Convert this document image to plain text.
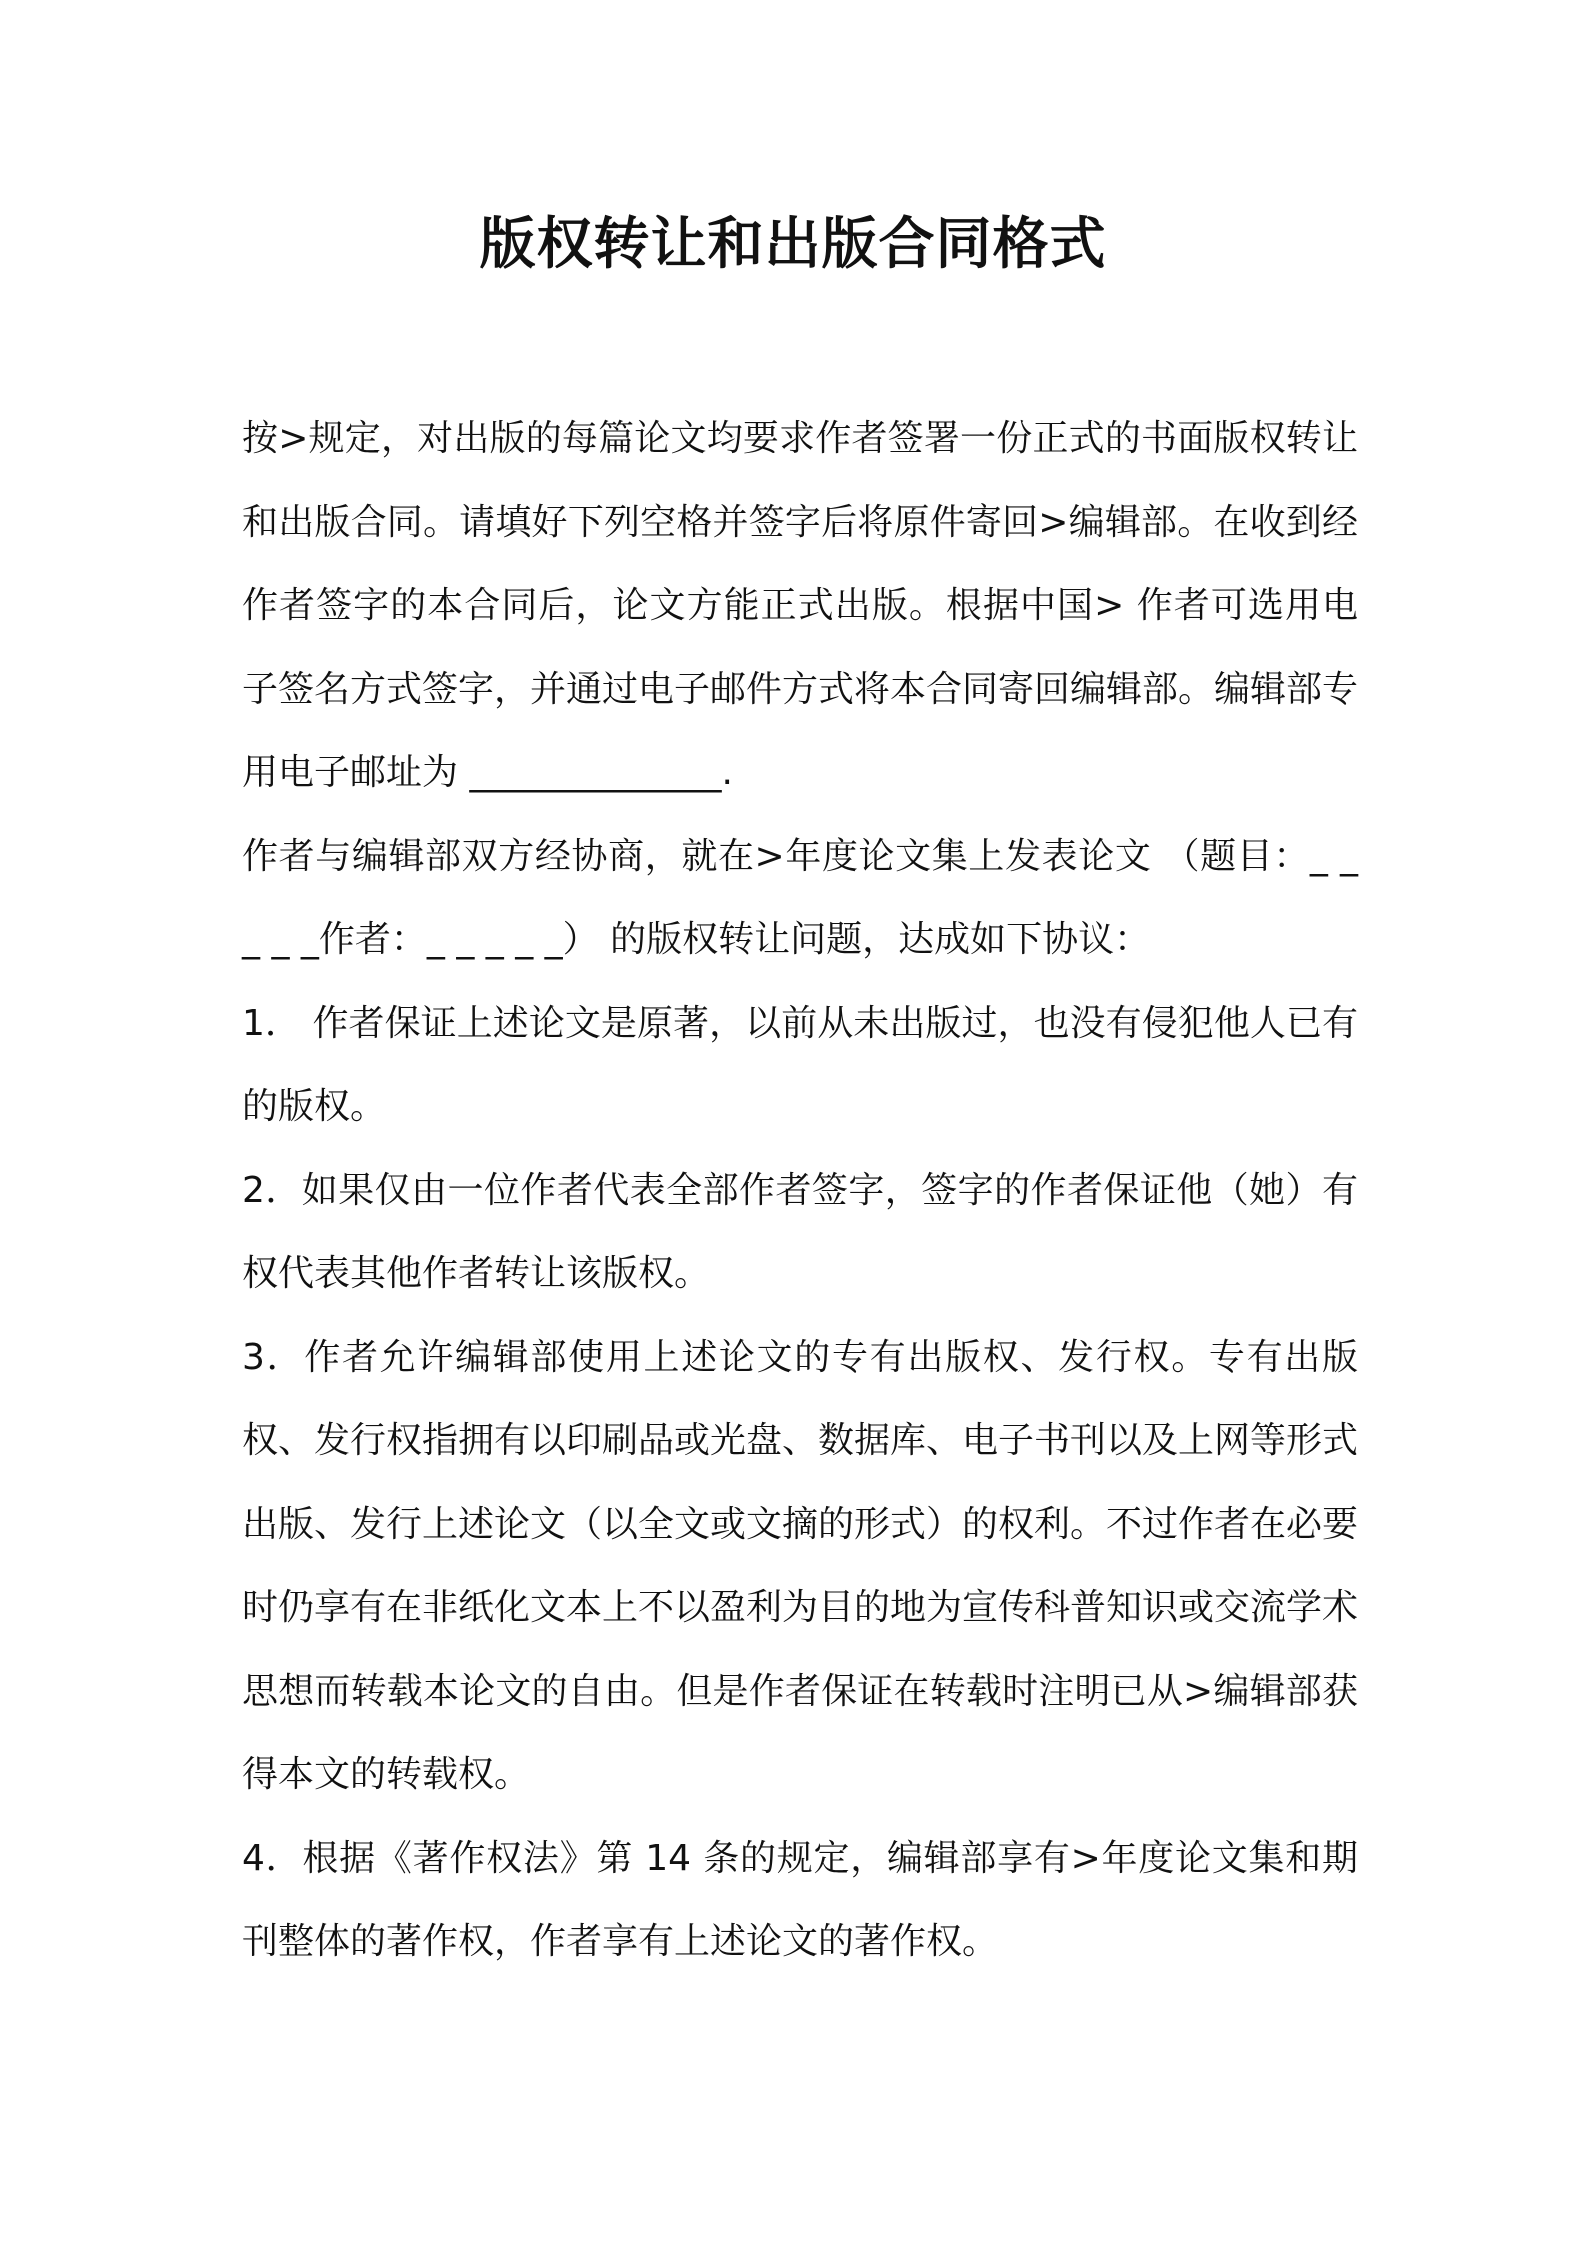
版权转让和出版合同格式

按>规定，对出版的每篇论文均要求作者签署一份正式的书面版权转让和出版合同。请填好下列空格并签字后将原件寄回>编辑部。在收到经作者签字的本合同后，论文方能正式出版。根据中国> 作者可选用电子签名方式签字，并通过电子邮件方式将本合同寄回编辑部。编辑部专用电子邮址为 ______________.

作者与编辑部双方经协商，就在>年度论文集上发表论文 （题目：_ _ _ _ _作者：_ _ _ _ _） 的版权转让问题，达成如下协议：

1． 作者保证上述论文是原著，以前从未出版过，也没有侵犯他人已有的版权。

2．如果仅由一位作者代表全部作者签字，签字的作者保证他（她）有权代表其他作者转让该版权。

3．作者允许编辑部使用上述论文的专有出版权、发行权。专有出版权、发行权指拥有以印刷品或光盘、数据库、电子书刊以及上网等形式出版、发行上述论文（以全文或文摘的形式）的权利。不过作者在必要时仍享有在非纸化文本上不以盈利为目的地为宣传科普知识或交流学术思想而转载本论文的自由。但是作者保证在转载时注明已从>编辑部获得本文的转载权。

4．根据《著作权法》第 14 条的规定，编辑部享有>年度论文集和期刊整体的著作权，作者享有上述论文的著作权。
